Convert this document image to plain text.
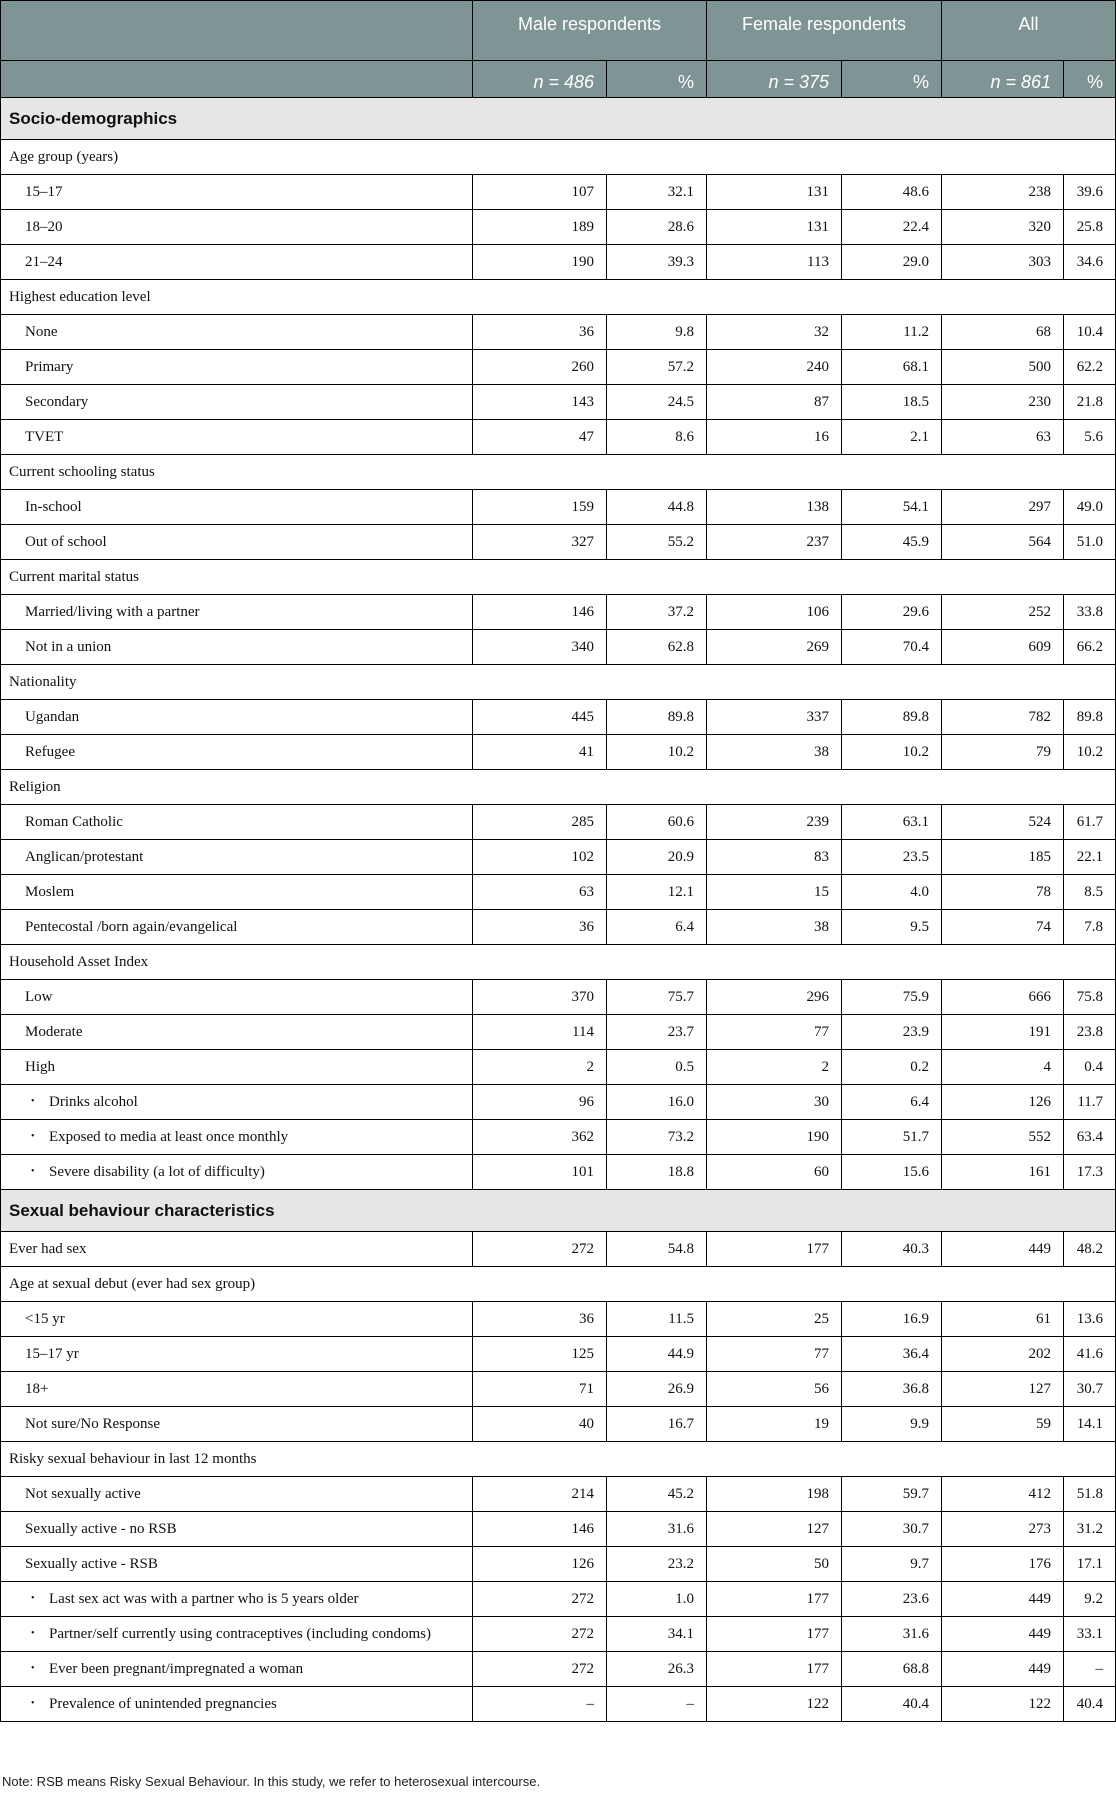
	Male respondents		Female respondents		All	
	n = 486	%	n = 375	%	n = 861	%
Socio-demographics						
Age group (years)						
15–17	107	32.1	131	48.6	238	39.6
18–20	189	28.6	131	22.4	320	25.8
21–24	190	39.3	113	29.0	303	34.6
Highest education level						
None	36	9.8	32	11.2	68	10.4
Primary	260	57.2	240	68.1	500	62.2
Secondary	143	24.5	87	18.5	230	21.8
TVET	47	8.6	16	2.1	63	5.6
Current schooling status						
In-school	159	44.8	138	54.1	297	49.0
Out of school	327	55.2	237	45.9	564	51.0
Current marital status						
Married/living with a partner	146	37.2	106	29.6	252	33.8
Not in a union	340	62.8	269	70.4	609	66.2
Nationality						
Ugandan	445	89.8	337	89.8	782	89.8
Refugee	41	10.2	38	10.2	79	10.2
Religion						
Roman Catholic	285	60.6	239	63.1	524	61.7
Anglican/protestant	102	20.9	83	23.5	185	22.1
Moslem	63	12.1	15	4.0	78	8.5
Pentecostal /born again/evangelical	36	6.4	38	9.5	74	7.8
Household Asset Index						
Low	370	75.7	296	75.9	666	75.8
Moderate	114	23.7	77	23.9	191	23.8
High	2	0.5	2	0.2	4	0.4
• Drinks alcohol	96	16.0	30	6.4	126	11.7
• Exposed to media at least once monthly	362	73.2	190	51.7	552	63.4
• Severe disability (a lot of difficulty)	101	18.8	60	15.6	161	17.3
Sexual behaviour characteristics						
Ever had sex	272	54.8	177	40.3	449	48.2
Age at sexual debut (ever had sex group)						
<15 yr	36	11.5	25	16.9	61	13.6
15–17 yr	125	44.9	77	36.4	202	41.6
18+	71	26.9	56	36.8	127	30.7
Not sure/No Response	40	16.7	19	9.9	59	14.1
Risky sexual behaviour in last 12 months						
Not sexually active	214	45.2	198	59.7	412	51.8
Sexually active - no RSB	146	31.6	127	30.7	273	31.2
Sexually active - RSB	126	23.2	50	9.7	176	17.1
• Last sex act was with a partner who is 5 years older	272	1.0	177	23.6	449	9.2
• Partner/self currently using contraceptives (including condoms)	272	34.1	177	31.6	449	33.1
• Ever been pregnant/impregnated a woman	272	26.3	177	68.8	449	–
• Prevalence of unintended pregnancies	–	–	122	40.4	122	40.4
Note: RSB means Risky Sexual Behaviour. In this study, we refer to heterosexual intercourse.
